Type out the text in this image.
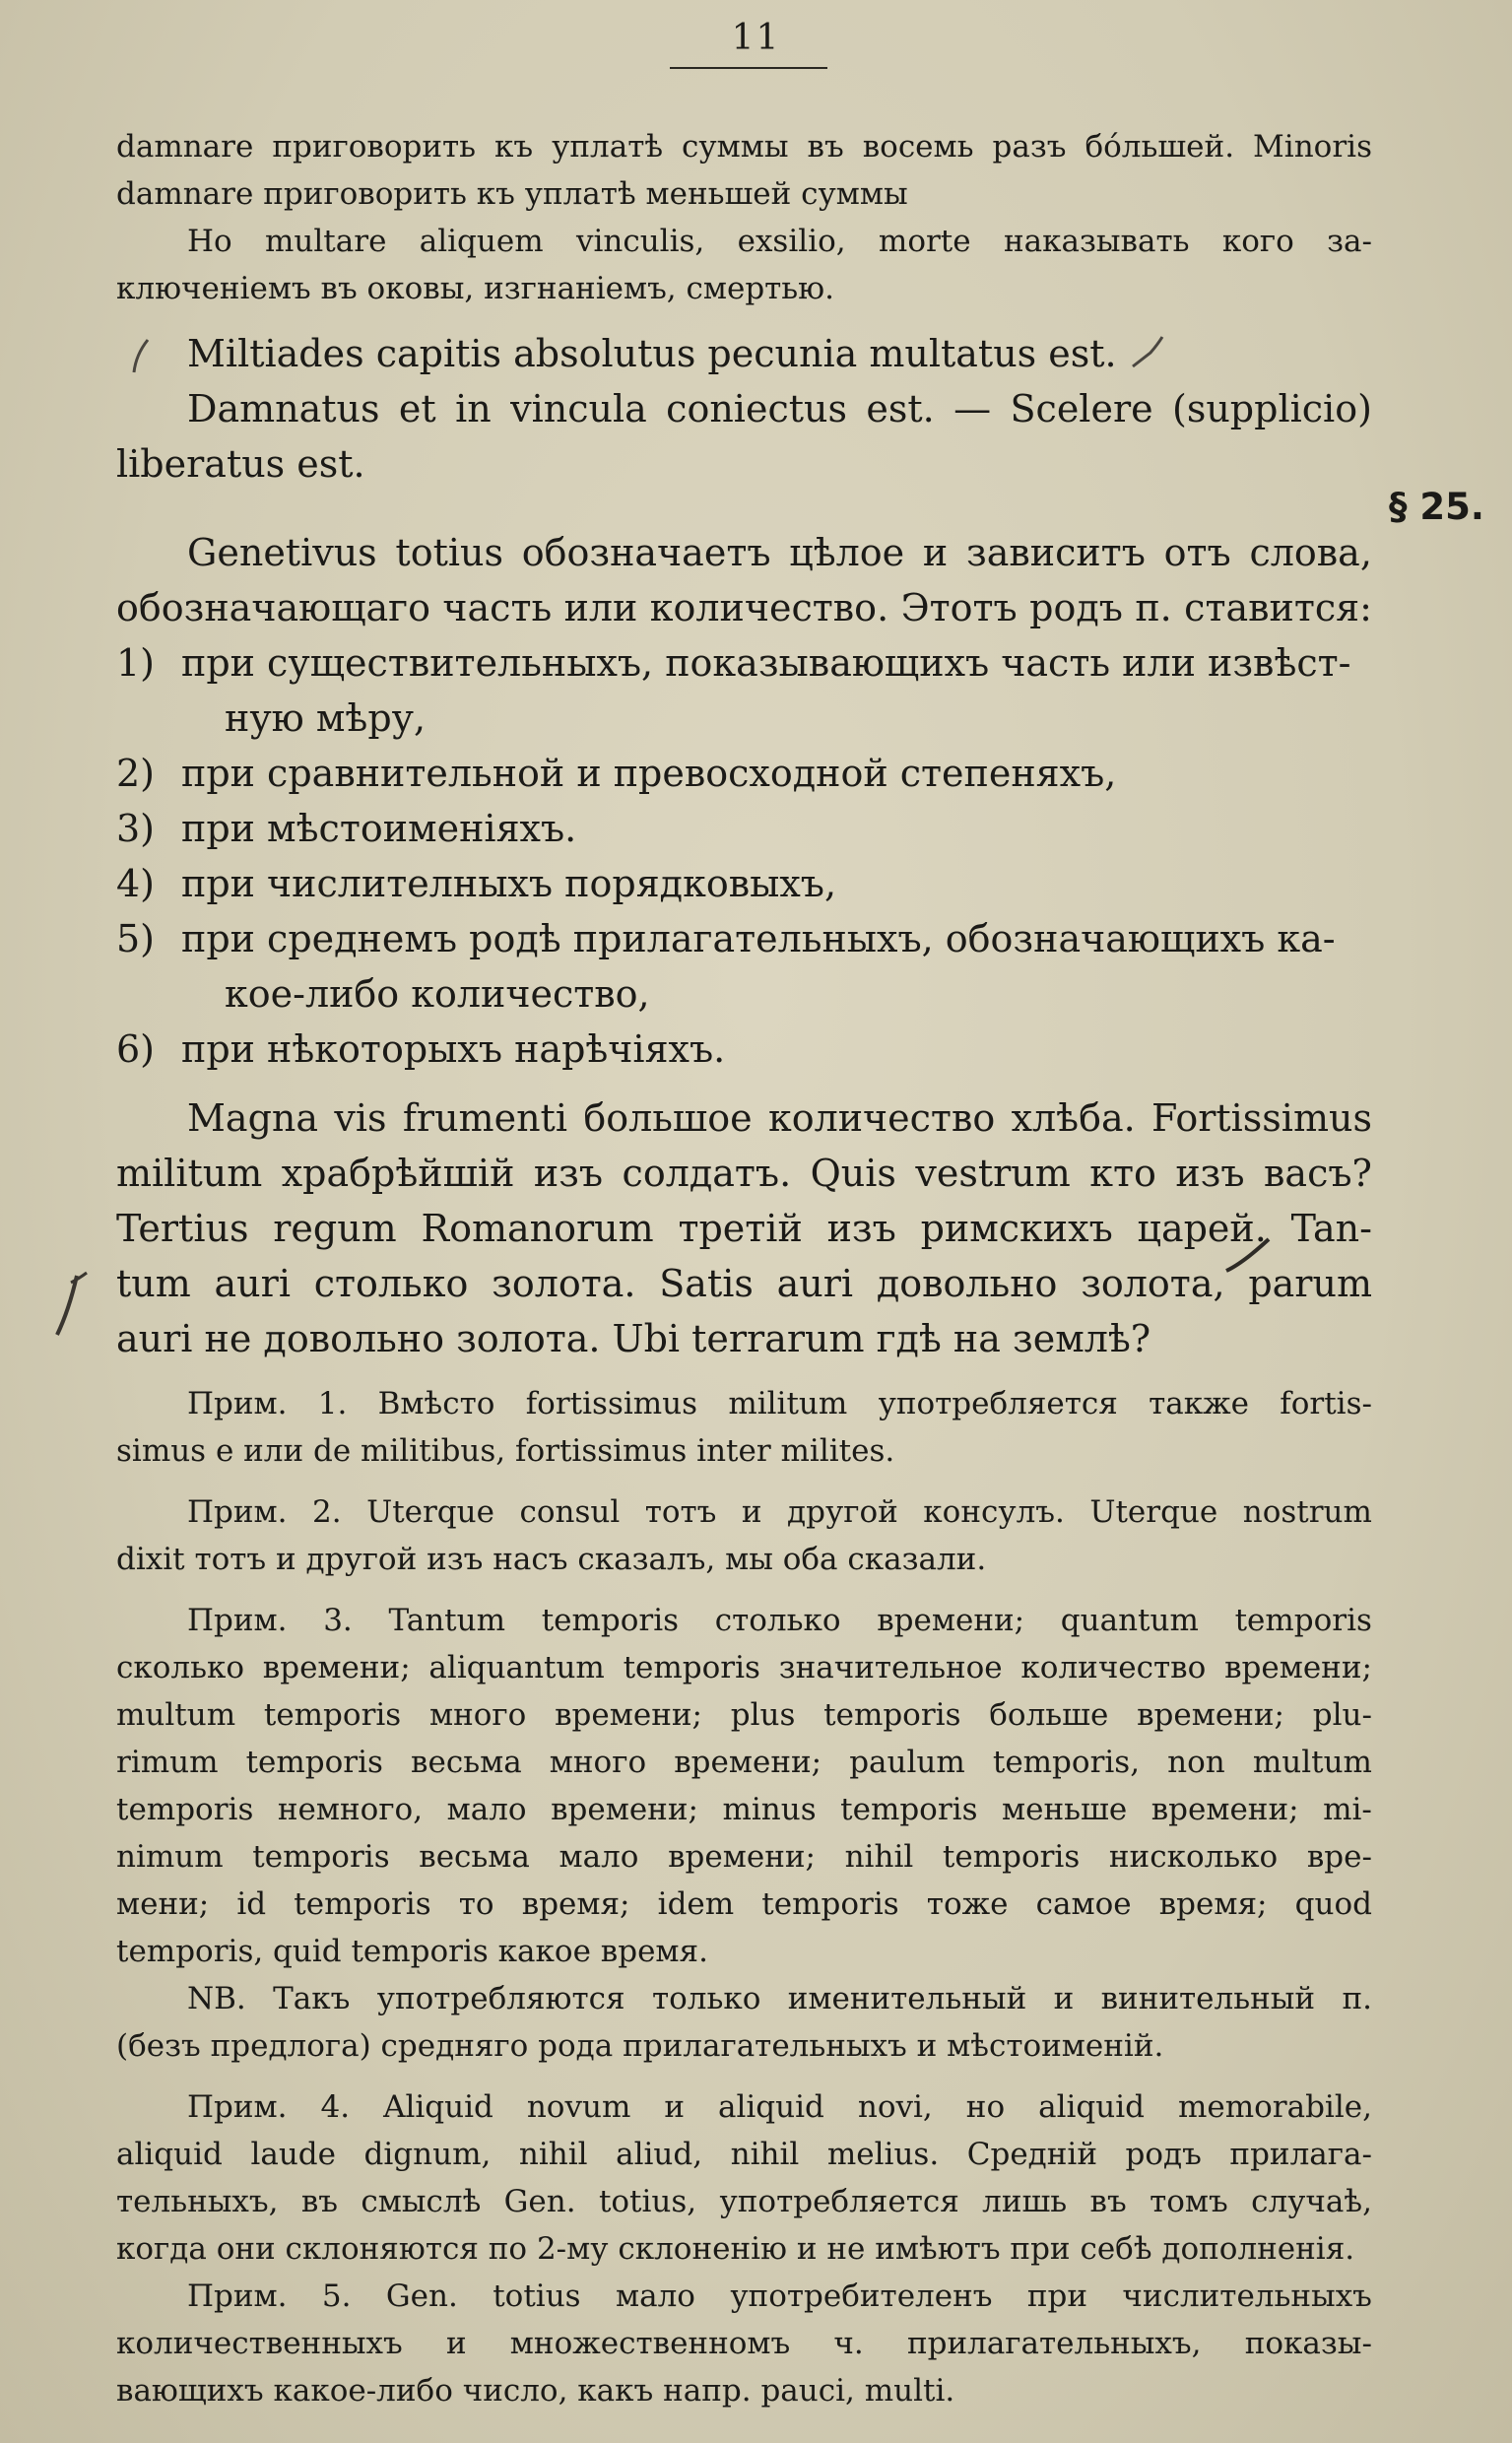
11
§ 25.
damnare приговорить къ уплатѣ суммы въ восемь разъ бо́льшей. Minoris
damnare приговорить къ уплатѣ меньшей суммы
Но multare aliquem vinculis, exsilio, morte наказывать кого за-
ключенiемъ въ оковы, изгнанiемъ, смертью.
Miltiades capitis absolutus pecunia multatus est.
Damnatus et in vincula coniectus est. — Scelere (supplicio)
liberatus est.
Genetivus totius обозначаетъ цѣлое и зависитъ отъ слова,
обозначающаго часть или количество. Этотъ родъ п. ставится:
1) при существительныхъ, показывающихъ часть или извѣст-
ную мѣру,
2) при сравнительной и превосходной степеняхъ,
3) при мѣстоименiяхъ.
4) при числителныхъ порядковыхъ,
5) при среднемъ родѣ прилагательныхъ, обозначающихъ ка-
кое-либо количество,
6) при нѣкоторыхъ нарѣчiяхъ.
Magna vis frumenti большое количество хлѣба. Fortissimus
militum храбрѣйшiй изъ солдатъ. Quis vestrum кто изъ васъ?
Tertius regum Romanorum третiй изъ римскихъ царей. Tan-
tum auri столько золота. Satis auri довольно золота, parum
auri не довольно золота. Ubi terrarum гдѣ на землѣ?
Прим. 1. Вмѣсто fortissimus militum употребляется также fortis-
simus e или de militibus, fortissimus inter milites.
Прим. 2. Uterque consul тотъ и другой консулъ. Uterque nostrum
dixit тотъ и другой изъ насъ сказалъ, мы оба сказали.
Прим. 3. Tantum temporis столько времени; quantum temporis
сколько времени; aliquantum temporis значительное количество времени;
multum temporis много времени; plus temporis больше времени; plu-
rimum temporis весьма много времени; paulum temporis, non multum
temporis немного, мало времени; minus temporis меньше времени; mi-
nimum temporis весьма мало времени; nihil temporis нисколько вре-
мени; id temporis то время; idem temporis тоже самое время; quod
temporis, quid temporis какое время.
NB. Такъ употребляются только именительный и винительный п.
(безъ предлога) средняго рода прилагательныхъ и мѣстоименiй.
Прим. 4. Aliquid novum и aliquid novi, но aliquid memorabile,
aliquid laude dignum, nihil aliud, nihil melius. Среднiй родъ прилага-
тельныхъ, въ смыслѣ Gen. totius, употребляется лишь въ томъ случаѣ,
когда они склоняются по 2-му склоненiю и не имѣютъ при себѣ дополненiя.
Прим. 5. Gen. totius мало употребителенъ при числительныхъ
количественныхъ и множественномъ ч. прилагательныхъ, показы-
вающихъ какое-либо число, какъ напр. pauci, multi.
